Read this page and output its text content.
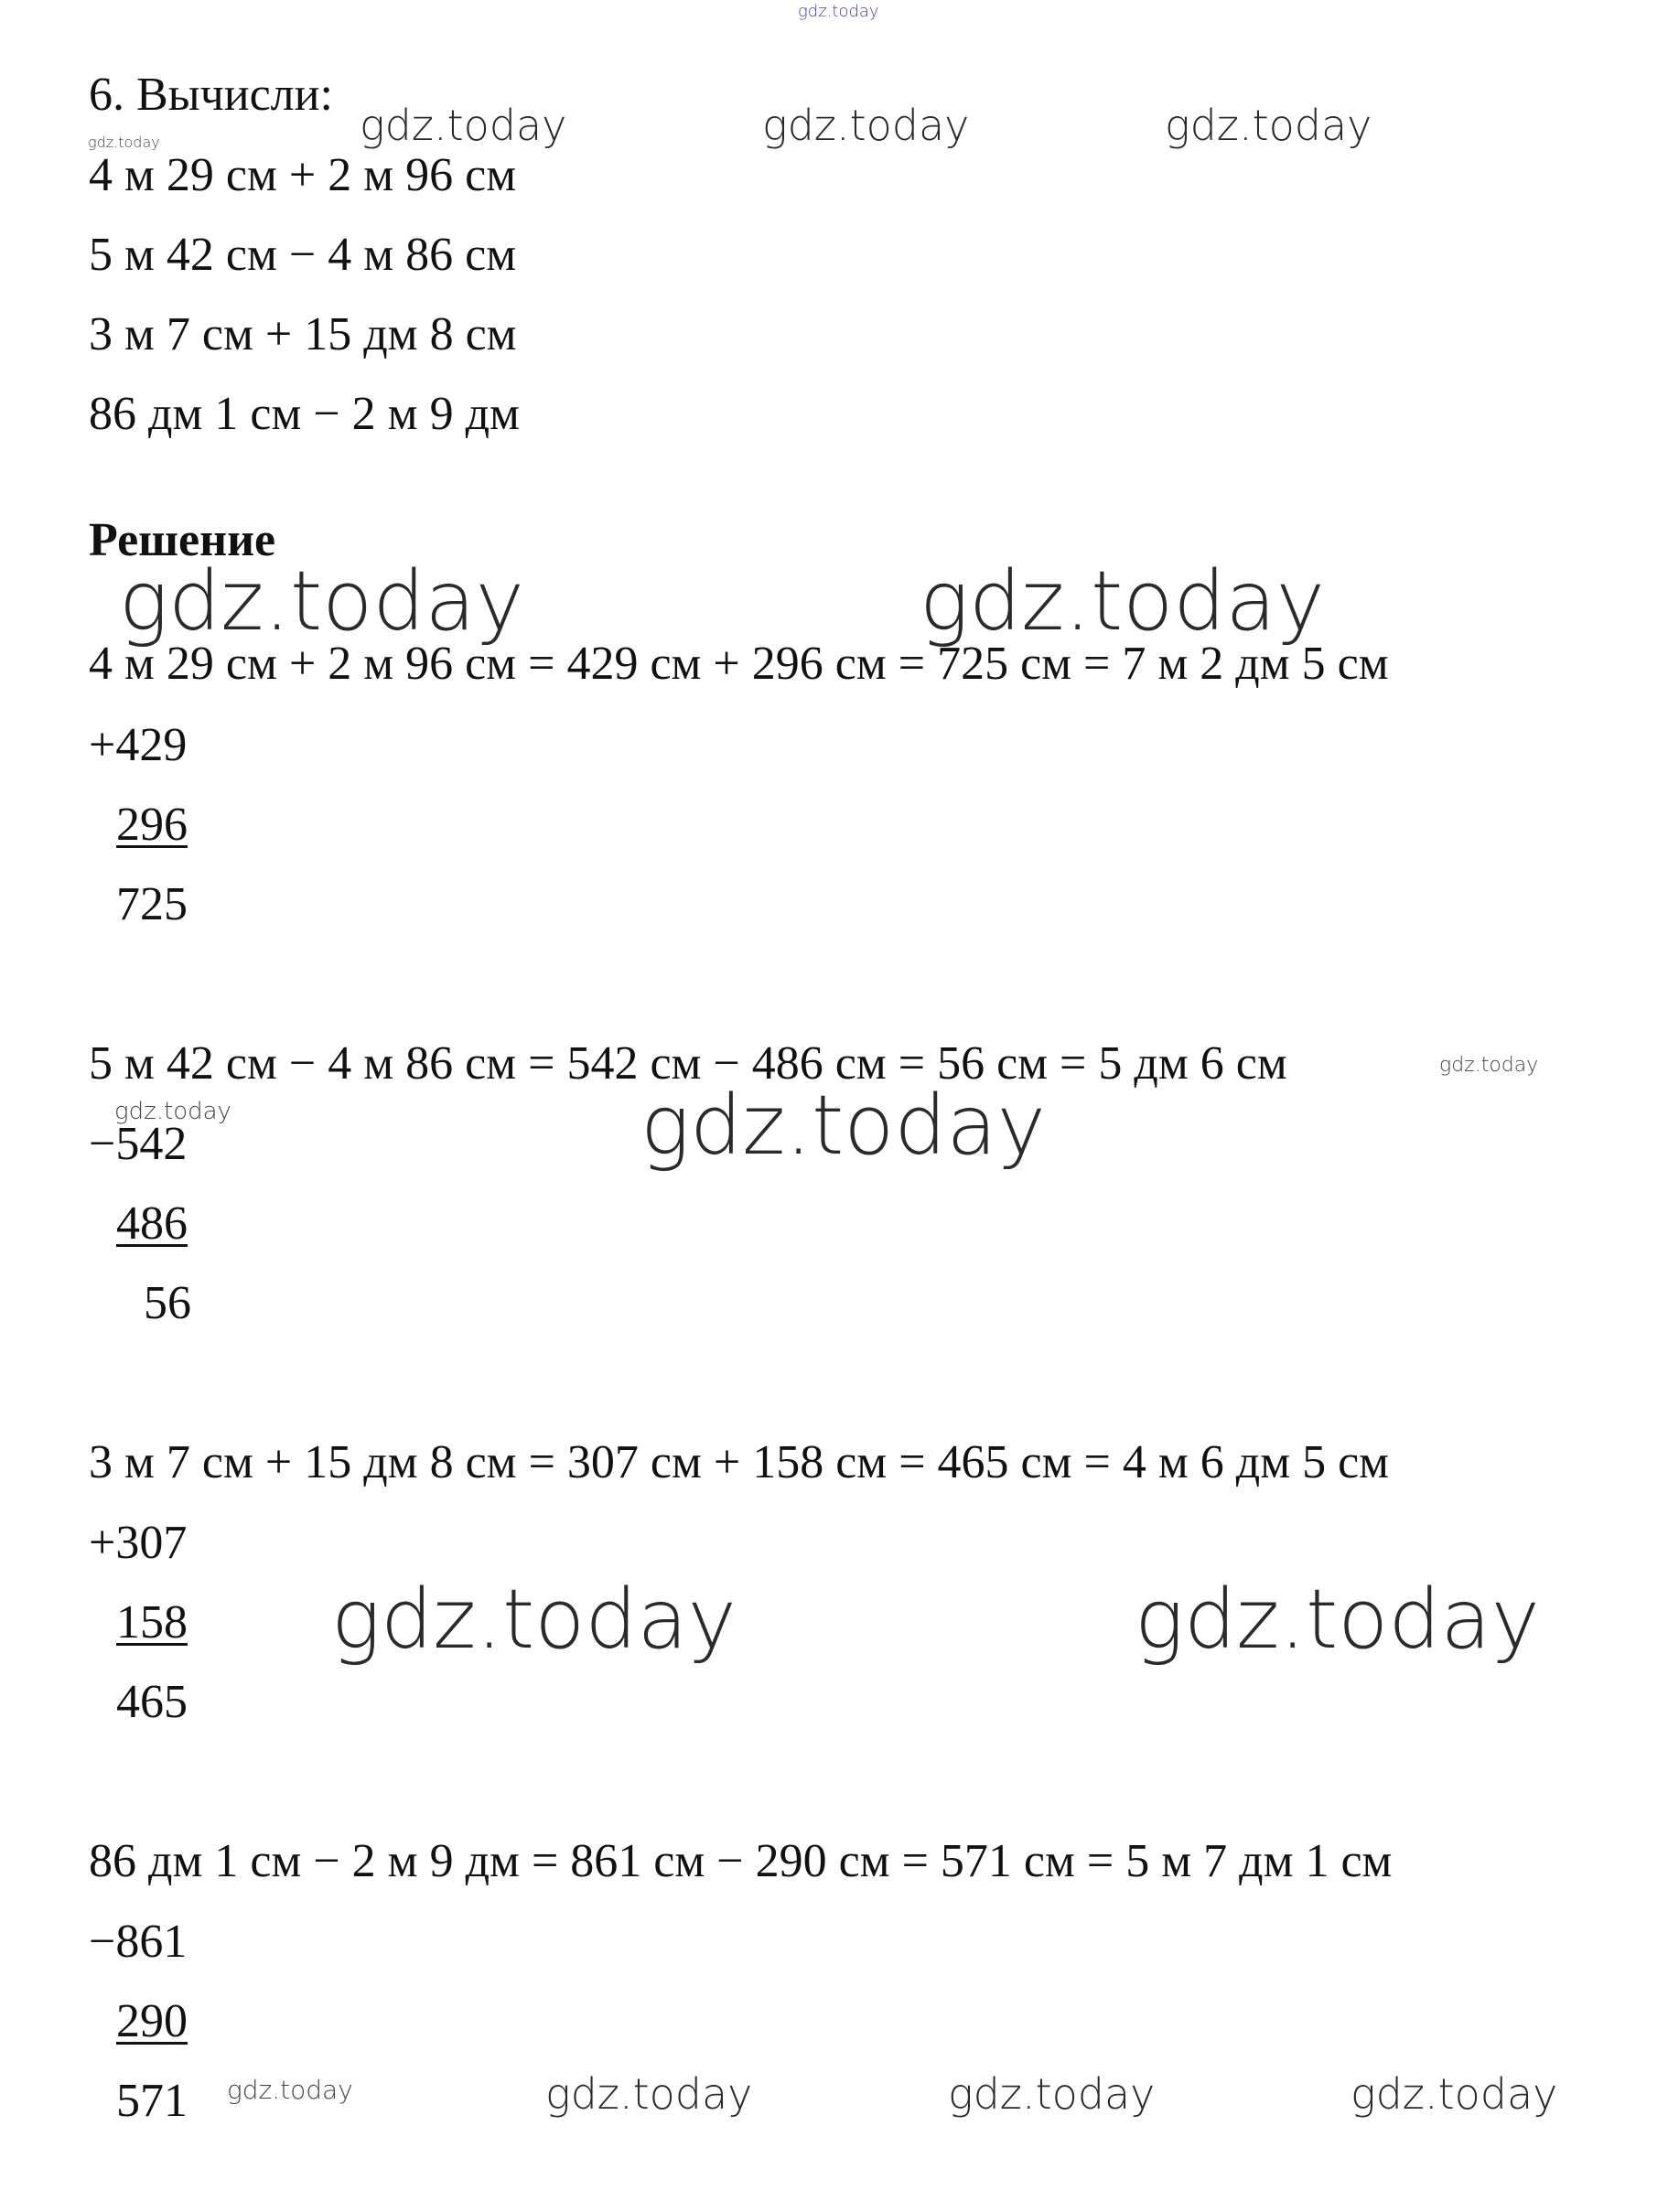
6. Вычисли:
4 м 29 см + 2 м 96 см
5 м 42 см − 4 м 86 см
3 м 7 см + 15 дм 8 см
86 дм 1 см − 2 м 9 дм
Решение
4 м 29 см + 2 м 96 см = 429 см + 296 см = 725 см = 7 м 2 дм 5 см
+429
296
725
5 м 42 см − 4 м 86 см = 542 см − 486 см = 56 см = 5 дм 6 см
−542
486
56
3 м 7 см + 15 дм 8 см = 307 см + 158 см = 465 см = 4 м 6 дм 5 см
+307
158
465
86 дм 1 см − 2 м 9 дм = 861 см − 290 см = 571 см = 5 м 7 дм 1 см
−861
290
571
gdz.today
gdz.today	gdz.today	gdz.today	gdz.today
gdz.today	gdz.today
gdz.today
gdz.today	gdz.today
gdz.today	gdz.today
gdz.today	gdz.today	gdz.today	gdz.today
